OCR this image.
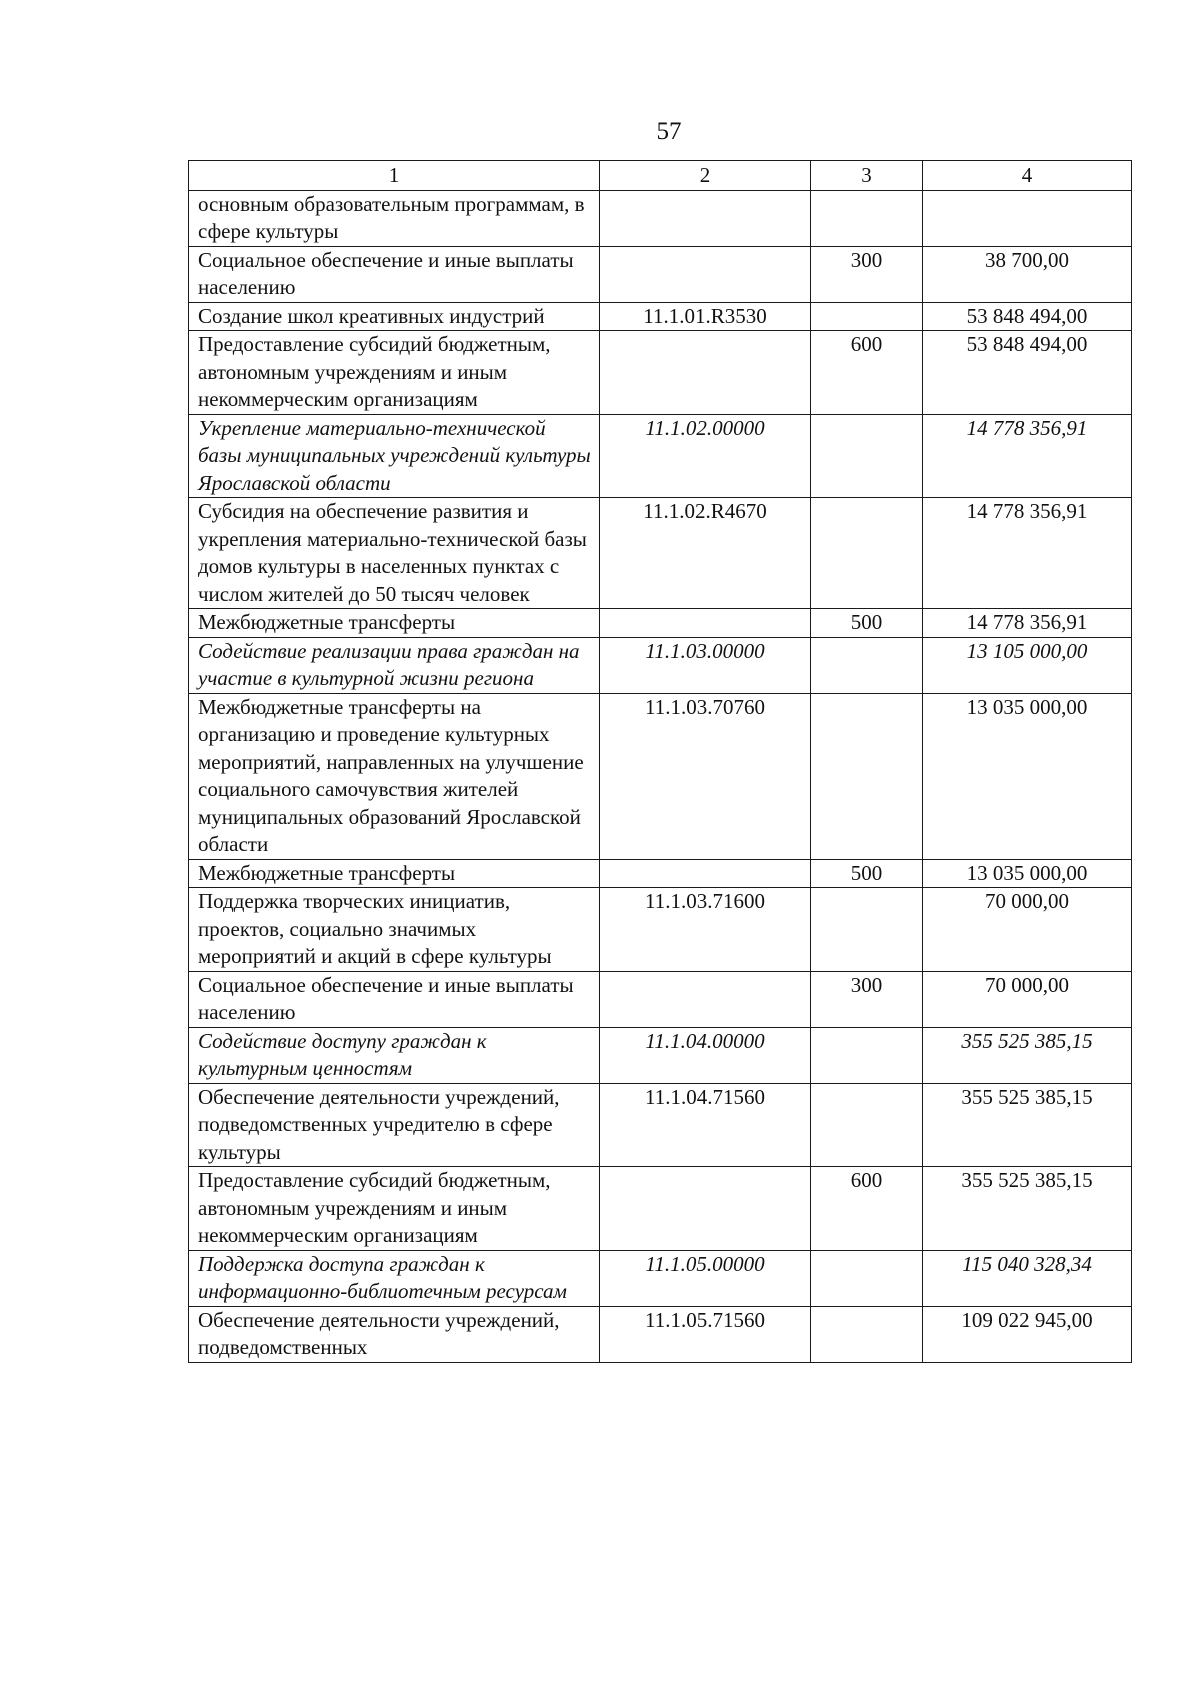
57
1	2	3	4
основным образовательным программам, в сфере культуры			
Социальное обеспечение и иные выплаты населению		300	38 700,00
Создание школ креативных индустрий	11.1.01.R3530		53 848 494,00
Предоставление субсидий бюджетным, автономным учреждениям и иным некоммерческим организациям		600	53 848 494,00
Укрепление материально-технической базы муниципальных учреждений культуры Ярославской области	11.1.02.00000		14 778 356,91
Субсидия на обеспечение развития и укрепления материально-технической базы домов культуры в населенных пунктах с числом жителей до 50 тысяч человек	11.1.02.R4670		14 778 356,91
Межбюджетные трансферты		500	14 778 356,91
Содействие реализации права граждан на участие в культурной жизни региона	11.1.03.00000		13 105 000,00
Межбюджетные трансферты на организацию и проведение культурных мероприятий, направленных на улучшение социального самочувствия жителей муниципальных образований Ярославской области	11.1.03.70760		13 035 000,00
Межбюджетные трансферты		500	13 035 000,00
Поддержка творческих инициатив, проектов, социально значимых мероприятий и акций в сфере культуры	11.1.03.71600		70 000,00
Социальное обеспечение и иные выплаты населению		300	70 000,00
Содействие доступу граждан к культурным ценностям	11.1.04.00000		355 525 385,15
Обеспечение деятельности учреждений, подведомственных учредителю в сфере культуры	11.1.04.71560		355 525 385,15
Предоставление субсидий бюджетным, автономным учреждениям и иным некоммерческим организациям		600	355 525 385,15
Поддержка доступа граждан к информационно-библиотечным ресурсам	11.1.05.00000		115 040 328,34
Обеспечение деятельности учреждений, подведомственных	11.1.05.71560		109 022 945,00
